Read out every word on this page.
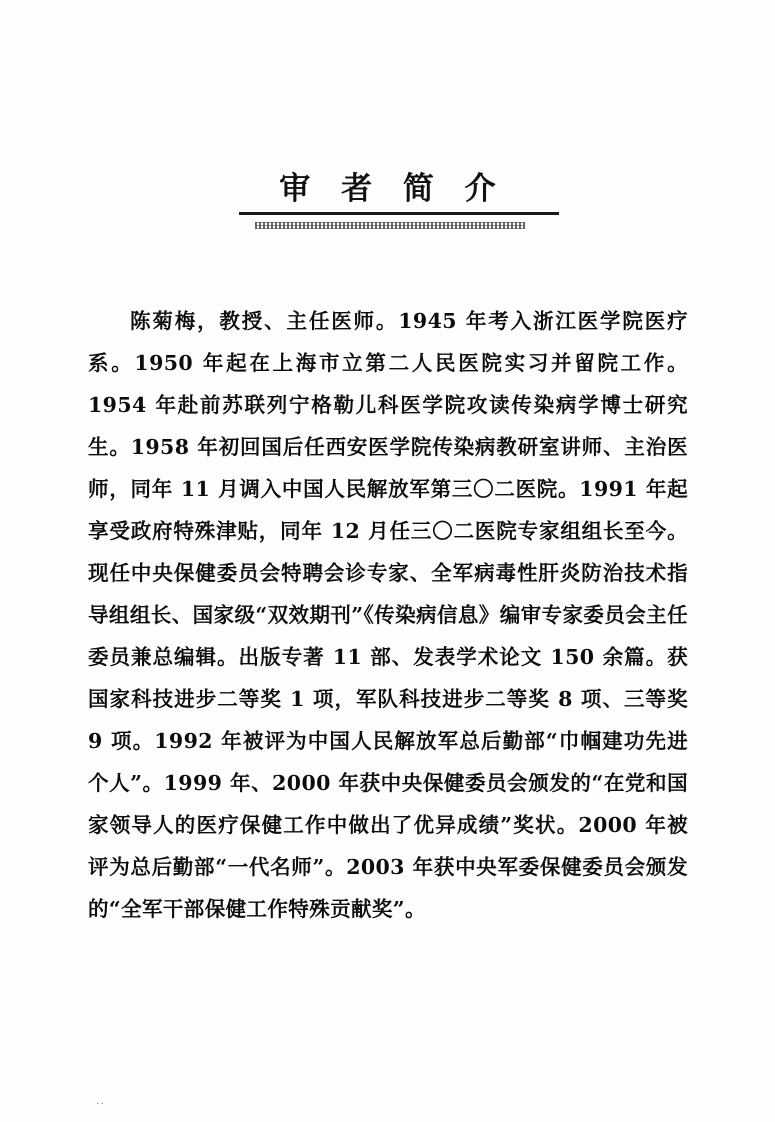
审 者 简 介

陈菊梅，教授、主任医师。1945 年考入浙江医学院医疗系。1950 年起在上海市立第二人民医院实习并留院工作。1954 年赴前苏联列宁格勒儿科医学院攻读传染病学博士研究生。1958 年初回国后任西安医学院传染病教研室讲师、主治医师，同年 11 月调入中国人民解放军第三〇二医院。1991 年起享受政府特殊津贴，同年 12 月任三〇二医院专家组组长至今。现任中央保健委员会特聘会诊专家、全军病毒性肝炎防治技术指导组组长、国家级“双效期刊”《传染病信息》编审专家委员会主任委员兼总编辑。出版专著 11 部、发表学术论文 150 余篇。获国家科技进步二等奖 1 项，军队科技进步二等奖 8 项、三等奖 9 项。1992 年被评为中国人民解放军总后勤部“巾帼建功先进个人”。1999 年、2000 年获中央保健委员会颁发的“在党和国家领导人的医疗保健工作中做出了优异成绩”奖状。2000 年被评为总后勤部“一代名师”。2003 年获中央军委保健委员会颁发的“全军干部保健工作特殊贡献奖”。

..
